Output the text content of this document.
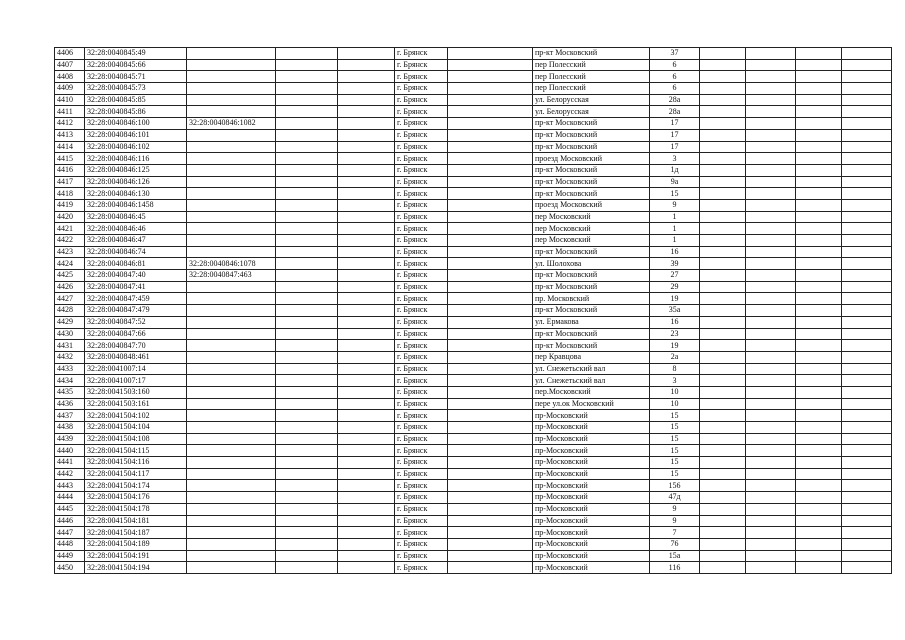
4406	32:28:0040845:49				г. Брянск		пр-кт Московский	37				
4407	32:28:0040845:66				г. Брянск		пер Полесский	6				
4408	32:28:0040845:71				г. Брянск		пер Полесский	6				
4409	32:28:0040845:73				г. Брянск		пер Полесский	6				
4410	32:28:0040845:85				г. Брянск		ул. Белорусская	28а				
4411	32:28:0040845:86				г. Брянск		ул. Белорусская	28а				
4412	32:28:0040846:100	32:28:0040846:1082			г. Брянск		пр-кт Московский	17				
4413	32:28:0040846:101				г. Брянск		пр-кт Московский	17				
4414	32:28:0040846:102				г. Брянск		пр-кт Московский	17				
4415	32:28:0040846:116				г. Брянск		проезд Московский	3				
4416	32:28:0040846:125				г. Брянск		пр-кт Московский	1д				
4417	32:28:0040846:126				г. Брянск		пр-кт Московский	9а				
4418	32:28:0040846:130				г. Брянск		пр-кт Московский	15				
4419	32:28:0040846:1458				г. Брянск		проезд Московский	9				
4420	32:28:0040846:45				г. Брянск		пер Московский	1				
4421	32:28:0040846:46				г. Брянск		пер Московский	1				
4422	32:28:0040846:47				г. Брянск		пер Московский	1				
4423	32:28:0040846:74				г. Брянск		пр-кт Московский	16				
4424	32:28:0040846:81	32:28:0040846:1078			г. Брянск		ул. Шолохова	39				
4425	32:28:0040847:40	32:28:0040847:463			г. Брянск		пр-кт Московский	27				
4426	32:28:0040847:41				г. Брянск		пр-кт Московский	29				
4427	32:28:0040847:459				г. Брянск		пр. Московский	19				
4428	32:28:0040847:479				г. Брянск		пр-кт Московский	35а				
4429	32:28:0040847:52				г. Брянск		ул. Ермакова	16				
4430	32:28:0040847:66				г. Брянск		пр-кт Московский	23				
4431	32:28:0040847:70				г. Брянск		пр-кт Московский	19				
4432	32:28:0040848:461				г. Брянск		пер Кравцова	2а				
4433	32:28:0041007:14				г. Брянск		ул. Снежетьский вал	8				
4434	32:28:0041007:17				г. Брянск		ул. Снежетьский вал	3				
4435	32:28:0041503:160				г. Брянск		пер.Московский	10				
4436	32:28:0041503:161				г. Брянск		пере ул.ок Московский	10				
4437	32:28:0041504:102				г. Брянск		пр-Московский	15				
4438	32:28:0041504:104				г. Брянск		пр-Московский	15				
4439	32:28:0041504:108				г. Брянск		пр-Московский	15				
4440	32:28:0041504:115				г. Брянск		пр-Московский	15				
4441	32:28:0041504:116				г. Брянск		пр-Московский	15				
4442	32:28:0041504:117				г. Брянск		пр-Московский	15				
4443	32:28:0041504:174				г. Брянск		пр-Московский	156				
4444	32:28:0041504:176				г. Брянск		пр-Московский	47д				
4445	32:28:0041504:178				г. Брянск		пр-Московский	9				
4446	32:28:0041504:181				г. Брянск		пр-Московский	9				
4447	32:28:0041504:187				г. Брянск		пр-Московский	7				
4448	32:28:0041504:189				г. Брянск		пр-Московский	76				
4449	32:28:0041504:191				г. Брянск		пр-Московский	15а				
4450	32:28:0041504:194				г. Брянск		пр-Московский	116				
